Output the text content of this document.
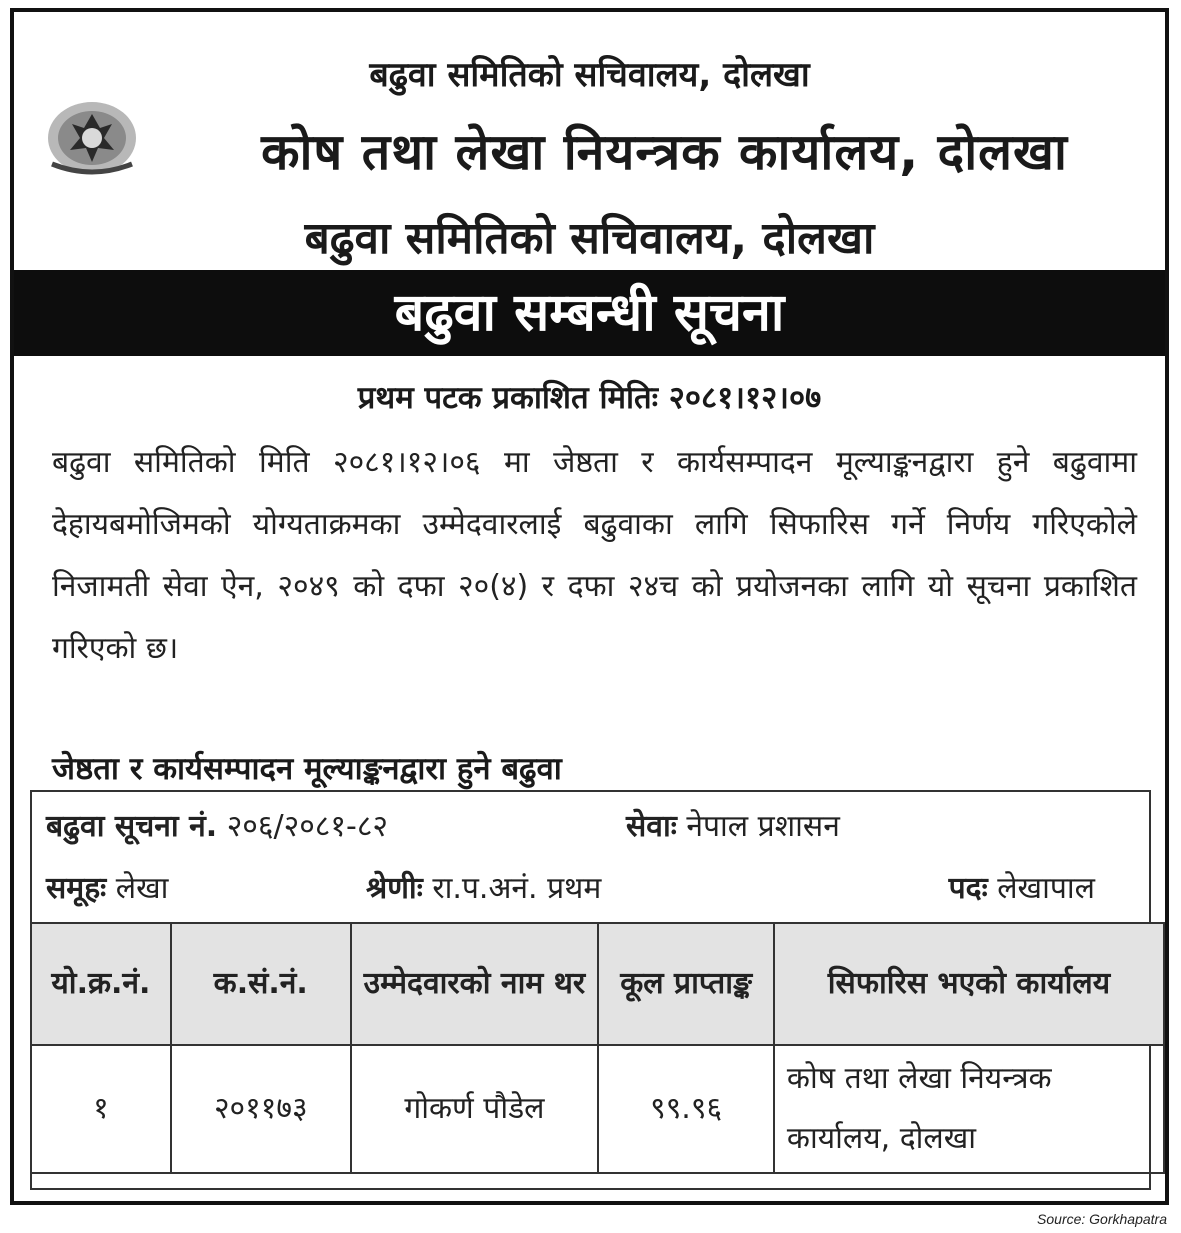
बढुवा समितिको सचिवालय, दोलखा
कोष तथा लेखा नियन्त्रक कार्यालय, दोलखा
बढुवा समितिको सचिवालय, दोलखा
बढुवा सम्बन्धी सूचना
प्रथम पटक प्रकाशित मितिः २०८१।१२।०७
बढुवा समितिको मिति २०८१।१२।०६ मा जेष्ठता र कार्यसम्पादन मूल्याङ्कनद्वारा हुने बढुवामा देहायबमोजिमको योग्यताक्रमका उम्मेदवारलाई बढुवाका लागि सिफारिस गर्ने निर्णय गरिएकोले निजामती सेवा ऐन, २०४९ को दफा २०(४) र दफा २४च को प्रयोजनका लागि यो सूचना प्रकाशित गरिएको छ।
जेष्ठता र कार्यसम्पादन मूल्याङ्कनद्वारा हुने बढुवा
बढुवा सूचना नं. २०६/२०८१-८२	सेवाः नेपाल प्रशासन
समूहः लेखा	श्रेणीः रा.प.अनं. प्रथम	पदः लेखापाल
यो.क्र.नं.	क.सं.नं.	उम्मेदवारको नाम थर	कूल प्राप्ताङ्क	सिफारिस भएको कार्यालय
१	२०११७३	गोकर्ण पौडेल	९९.९६	कोष तथा लेखा नियन्त्रक कार्यालय, दोलखा
Source: Gorkhapatra
